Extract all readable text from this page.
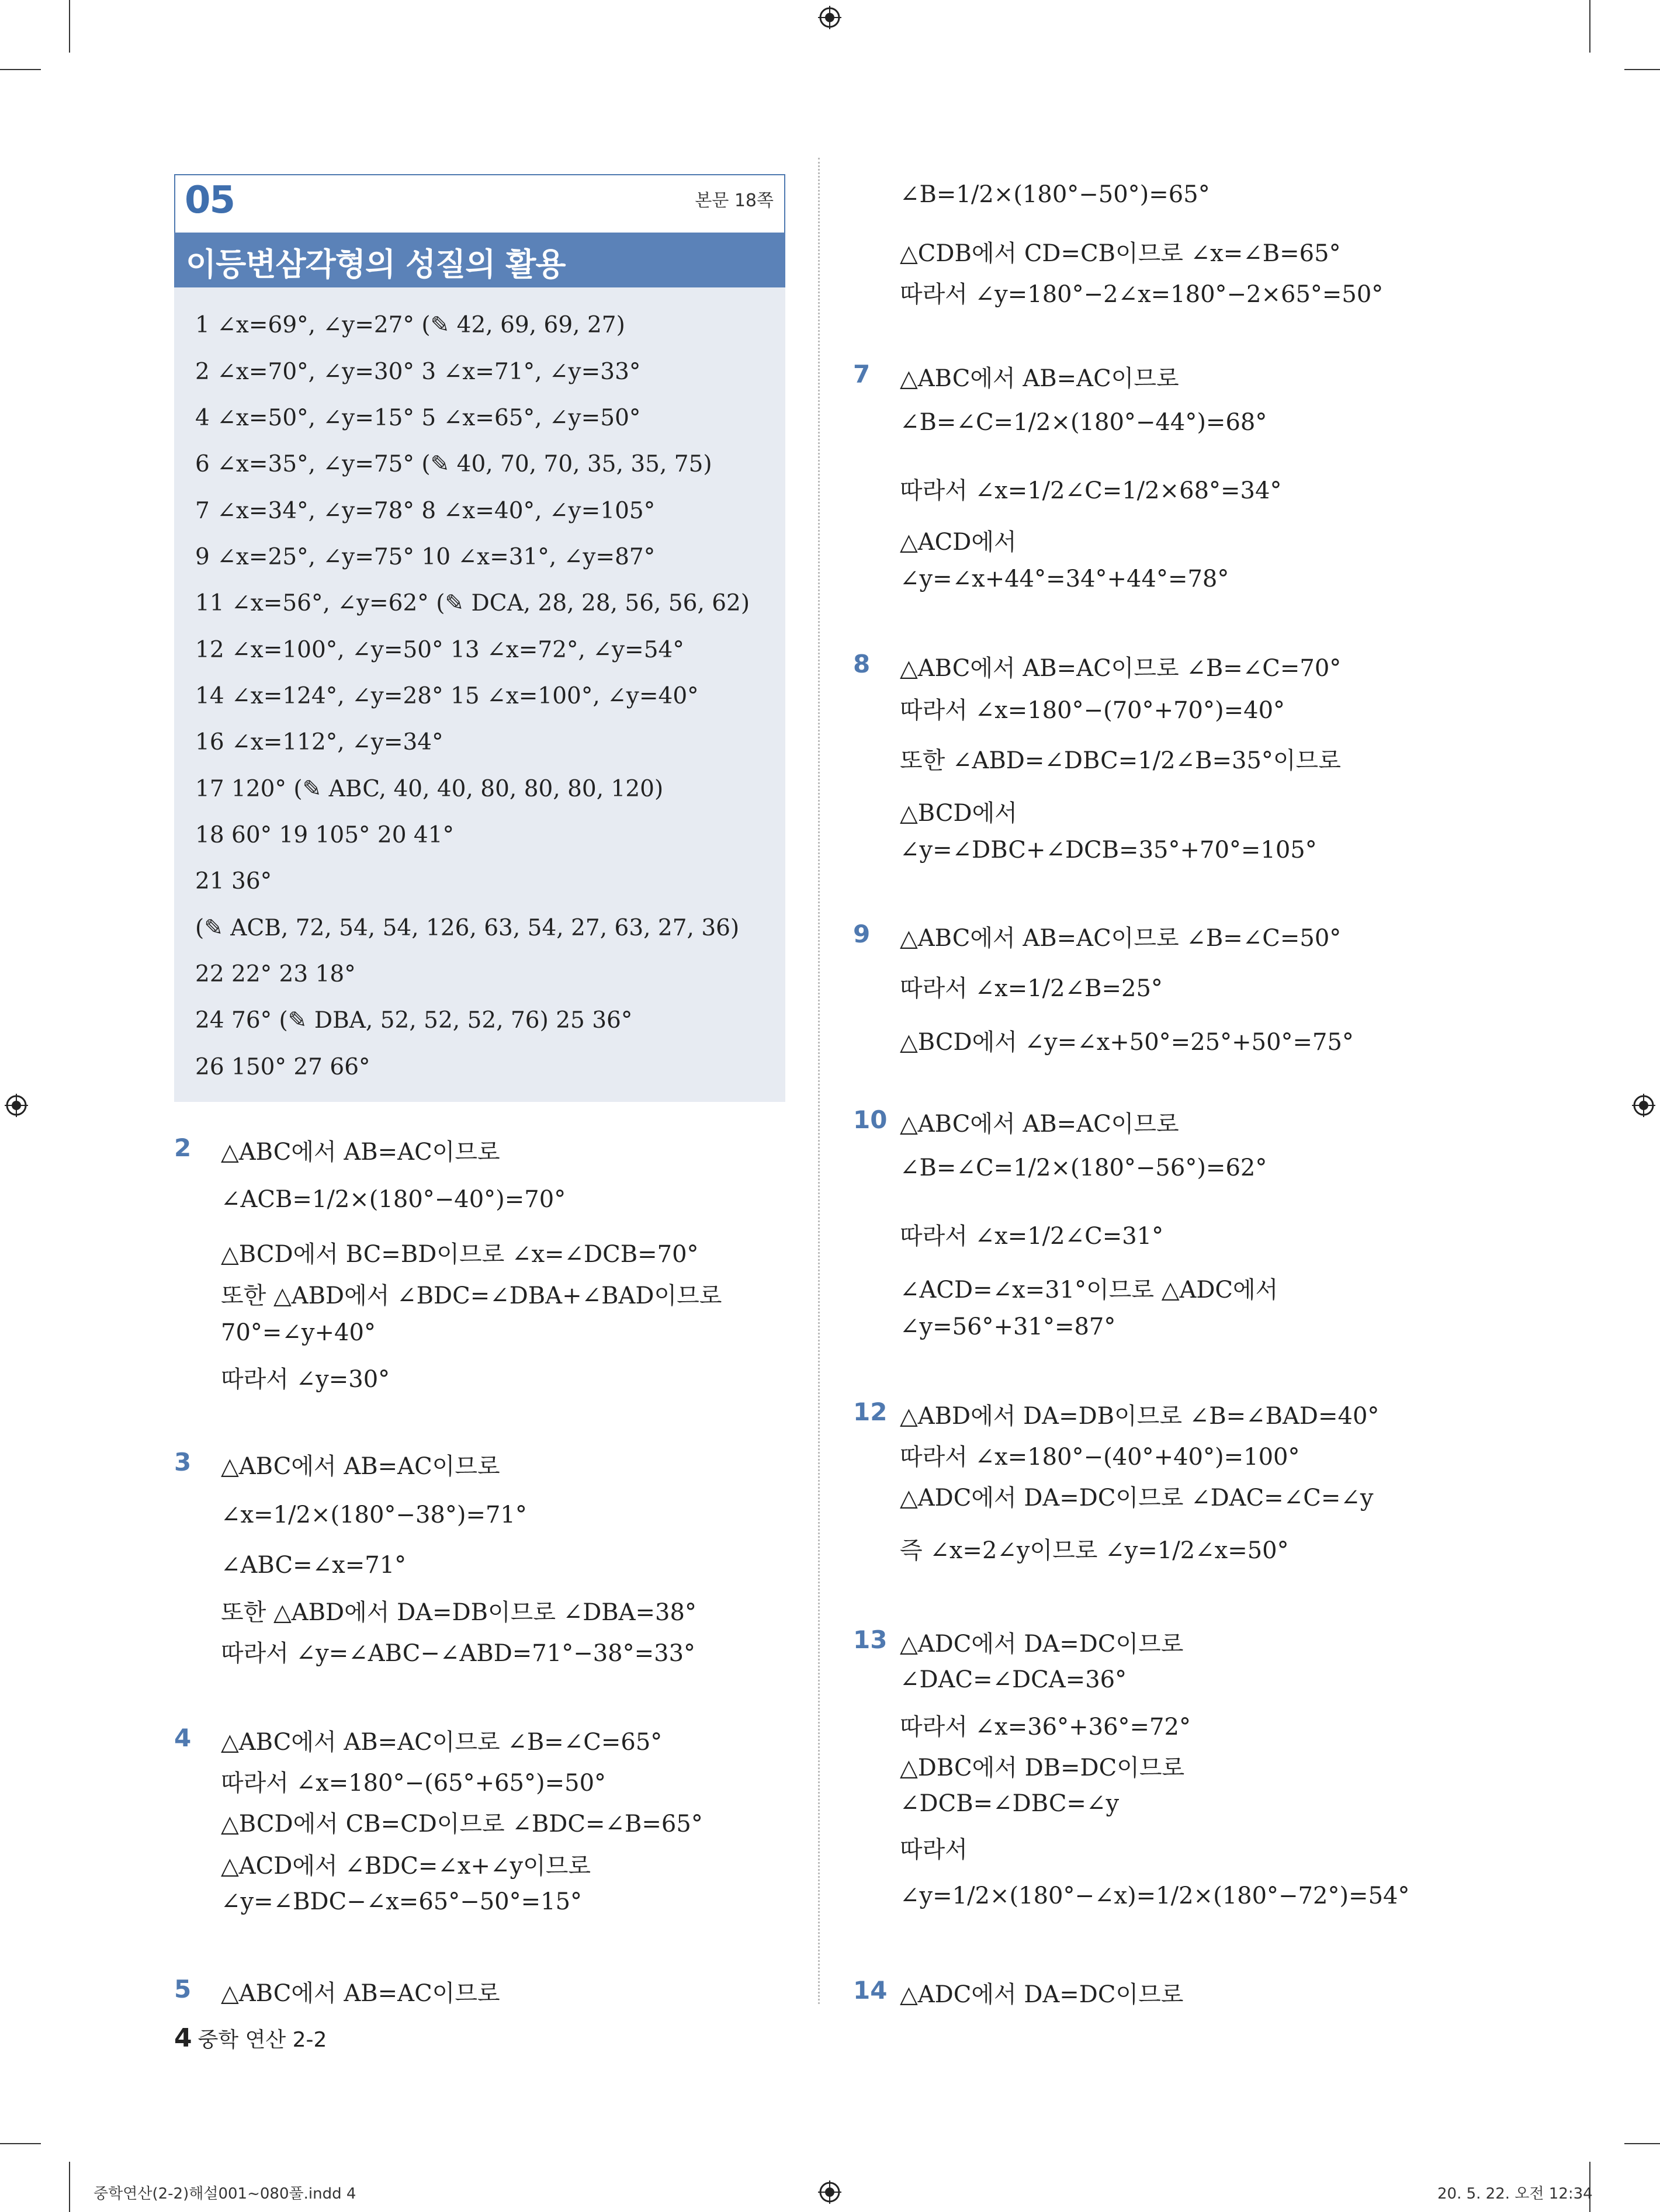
05	본문 18쪽
이등변삼각형의 성질의 활용
1 ∠x=69°, ∠y=27° (✎ 42, 69, 69, 27)
2 ∠x=70°, ∠y=30° 3 ∠x=71°, ∠y=33°
4 ∠x=50°, ∠y=15° 5 ∠x=65°, ∠y=50°
6 ∠x=35°, ∠y=75° (✎ 40, 70, 70, 35, 35, 75)
7 ∠x=34°, ∠y=78° 8 ∠x=40°, ∠y=105°
9 ∠x=25°, ∠y=75° 10 ∠x=31°, ∠y=87°
11 ∠x=56°, ∠y=62° (✎ DCA, 28, 28, 56, 56, 62)
12 ∠x=100°, ∠y=50° 13 ∠x=72°, ∠y=54°
14 ∠x=124°, ∠y=28° 15 ∠x=100°, ∠y=40°
16 ∠x=112°, ∠y=34°
17 120° (✎ ABC, 40, 40, 80, 80, 80, 120)
18 60° 19 105° 20 41°
21 36°
(✎ ACB, 72, 54, 54, 126, 63, 54, 27, 63, 27, 36)
22 22° 23 18°
24 76° (✎ DBA, 52, 52, 52, 76) 25 36°
26 150° 27 66°
2 △ABC에서 AB=AC이므로
∠ACB=1/2×(180°−40°)=70°
△BCD에서 BC=BD이므로 ∠x=∠DCB=70°
또한 △ABD에서 ∠BDC=∠DBA+∠BAD이므로
70°=∠y+40°
따라서 ∠y=30°
3 △ABC에서 AB=AC이므로
∠x=1/2×(180°−38°)=71°
∠ABC=∠x=71°
또한 △ABD에서 DA=DB이므로 ∠DBA=38°
따라서 ∠y=∠ABC−∠ABD=71°−38°=33°
4 △ABC에서 AB=AC이므로 ∠B=∠C=65°
따라서 ∠x=180°−(65°+65°)=50°
△BCD에서 CB=CD이므로 ∠BDC=∠B=65°
△ACD에서 ∠BDC=∠x+∠y이므로
∠y=∠BDC−∠x=65°−50°=15°
5 △ABC에서 AB=AC이므로
∠B=1/2×(180°−50°)=65°
△CDB에서 CD=CB이므로 ∠x=∠B=65°
따라서 ∠y=180°−2∠x=180°−2×65°=50°
7 △ABC에서 AB=AC이므로
∠B=∠C=1/2×(180°−44°)=68°
따라서 ∠x=1/2∠C=1/2×68°=34°
△ACD에서
∠y=∠x+44°=34°+44°=78°
8 △ABC에서 AB=AC이므로 ∠B=∠C=70°
따라서 ∠x=180°−(70°+70°)=40°
또한 ∠ABD=∠DBC=1/2∠B=35°이므로
△BCD에서
∠y=∠DBC+∠DCB=35°+70°=105°
9 △ABC에서 AB=AC이므로 ∠B=∠C=50°
따라서 ∠x=1/2∠B=25°
△BCD에서 ∠y=∠x+50°=25°+50°=75°
10 △ABC에서 AB=AC이므로
∠B=∠C=1/2×(180°−56°)=62°
따라서 ∠x=1/2∠C=31°
∠ACD=∠x=31°이므로 △ADC에서
∠y=56°+31°=87°
12 △ABD에서 DA=DB이므로 ∠B=∠BAD=40°
따라서 ∠x=180°−(40°+40°)=100°
△ADC에서 DA=DC이므로 ∠DAC=∠C=∠y
즉 ∠x=2∠y이므로 ∠y=1/2∠x=50°
13 △ADC에서 DA=DC이므로
∠DAC=∠DCA=36°
따라서 ∠x=36°+36°=72°
△DBC에서 DB=DC이므로
∠DCB=∠DBC=∠y
따라서
∠y=1/2×(180°−∠x)=1/2×(180°−72°)=54°
14 △ADC에서 DA=DC이므로
4 중학 연산 2-2
중학연산(2-2)해설001~080풀.indd 4	20. 5. 22. 오전 12:34
